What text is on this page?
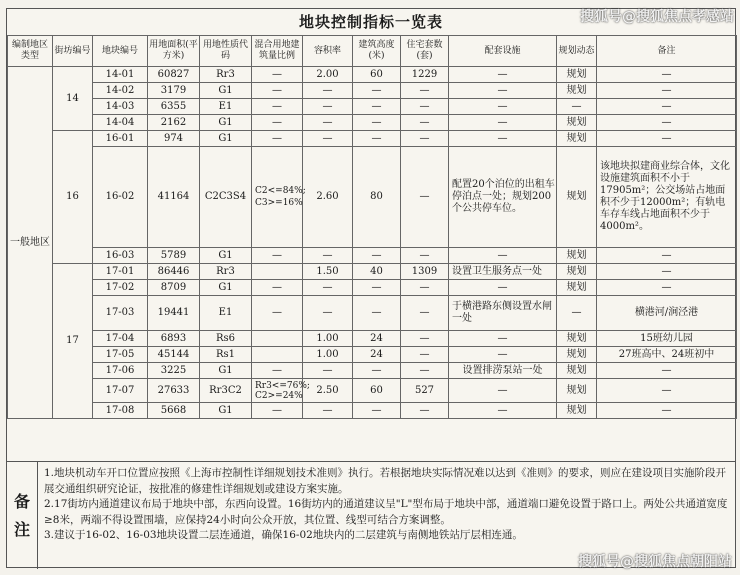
地块控制指标一览表
编制地区类型	街坊编号	地块编号	用地面积(平方米)	用地性质代码	混合用地建筑量比例	容积率	建筑高度(米)	住宅套数(套)	配套设施	规划动态	备注
一般地区	14	14-01	60827	Rr3	—	2.00	60	1229	—	规划	—
		14-02	3179	G1	—	—	—	—	—	规划	—
		14-03	6355	E1	—	—	—	—	—	—	—
		14-04	2162	G1	—	—	—	—	—	规划	—
	16	16-01	974	G1	—	—	—	—	—	规划	—
		16-02	41164	C2C3S4	C2<=84%; C3>=16%	2.60	80	—	配置20个泊位的出租车停泊点一处；规划200个公共停车位。	规划	该地块拟建商业综合体，文化设施建筑面积不小于17905m²；公交场站占地面积不少于12000m²；有轨电车存车线占地面积不少于4000m²。
		16-03	5789	G1	—	—	—	—	—	规划	—
	17	17-01	86446	Rr3		1.50	40	1309	设置卫生服务点一处	规划	—
		17-02	8709	G1	—	—	—	—	—	规划	—
		17-03	19441	E1	—	—	—	—	于横港路东侧设置水闸一处	—	横港河/涧泾港
		17-04	6893	Rs6		1.00	24	—	—	规划	15班幼儿园
		17-05	45144	Rs1		1.00	24	—	—	规划	27班高中、24班初中
		17-06	3225	G1	—	—	—	—	设置排涝泵站一处	规划	—
		17-07	27633	Rr3C2	Rr3<=76%; C2>=24%	2.50	60	527	—	规划	—
		17-08	5668	G1	—	—	—	—	—	规划	—
备
注

1.地块机动车开口位置应按照《上海市控制性详细规划技术准则》执行。若根据地块实际情况难以达到《准则》的要求，则应在建设项目实施阶段开展交通组织研究论证，按批准的修建性详细规划或建设方案实施。

2.17街坊内通道建议布局于地块中部，东西向设置。16街坊内的通道建议呈"L"型布局于地块中部，通道端口避免设置于路口上。两处公共通道宽度≥8米，两端不得设置围墙，应保持24小时向公众开放，其位置、线型可结合方案调整。

3.建议于16-02、16-03地块设置二层连通道，确保16-02地块内的二层建筑与南侧地铁站厅层相连通。

搜狐号@搜狐焦点孝感站
搜狐号@搜狐焦点朝阳站
